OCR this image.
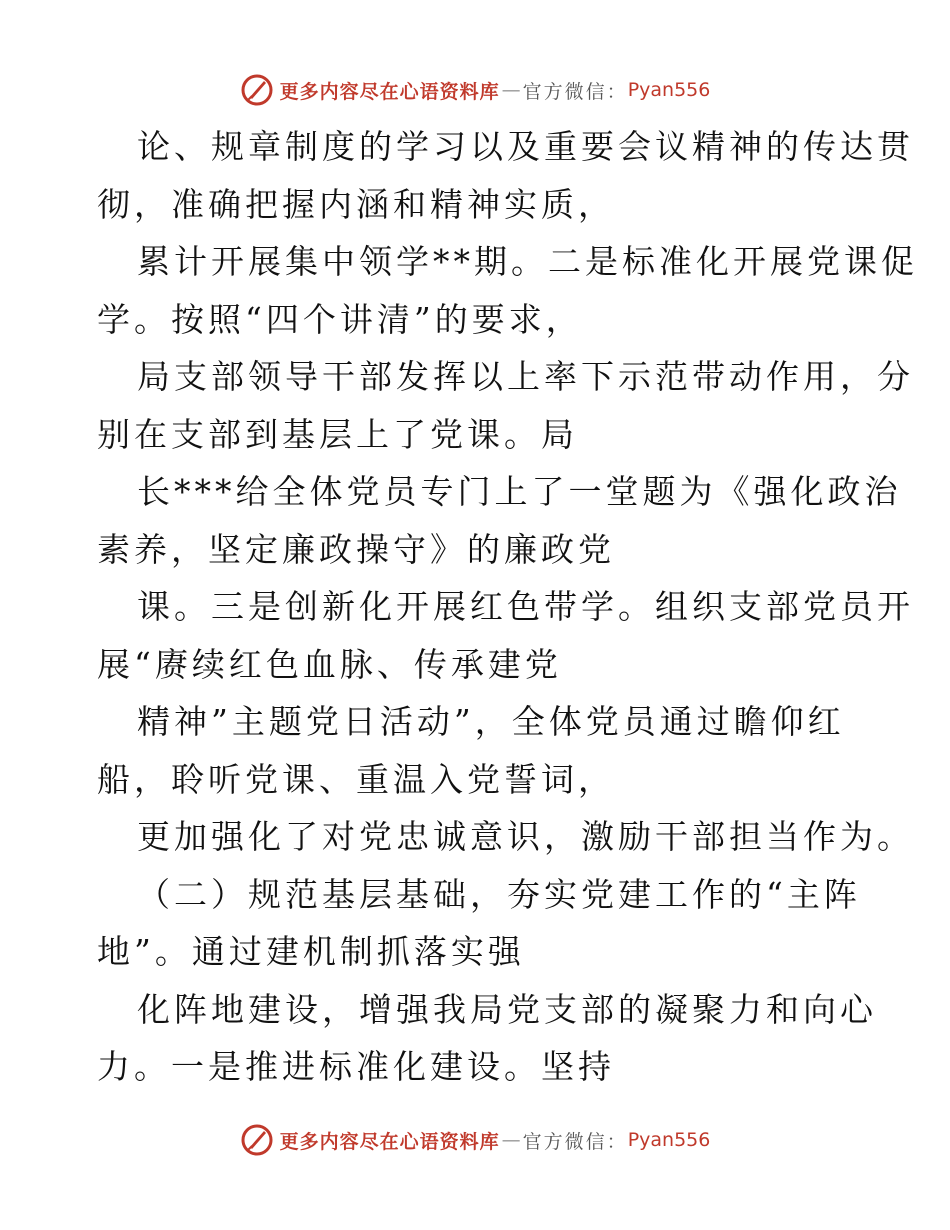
更多内容尽在心语资料库 — 官方微信： Pyan556
论、规章制度的学习以及重要会议精神的传达贯
彻，准确把握内涵和精神实质，
累计开展集中领学**期。二是标准化开展党课促
学。按照“四个讲清”的要求，
局支部领导干部发挥以上率下示范带动作用，分
别在支部到基层上了党课。局
长***给全体党员专门上了一堂题为《强化政治
素养，坚定廉政操守》的廉政党
课。三是创新化开展红色带学。组织支部党员开
展“赓续红色血脉、传承建党
精神”主题党日活动”，全体党员通过瞻仰红
船，聆听党课、重温入党誓词，
更加强化了对党忠诚意识，激励干部担当作为。
（二）规范基层基础，夯实党建工作的“主阵
地”。通过建机制抓落实强
化阵地建设，增强我局党支部的凝聚力和向心
力。一是推进标准化建设。坚持
更多内容尽在心语资料库 — 官方微信： Pyan556
